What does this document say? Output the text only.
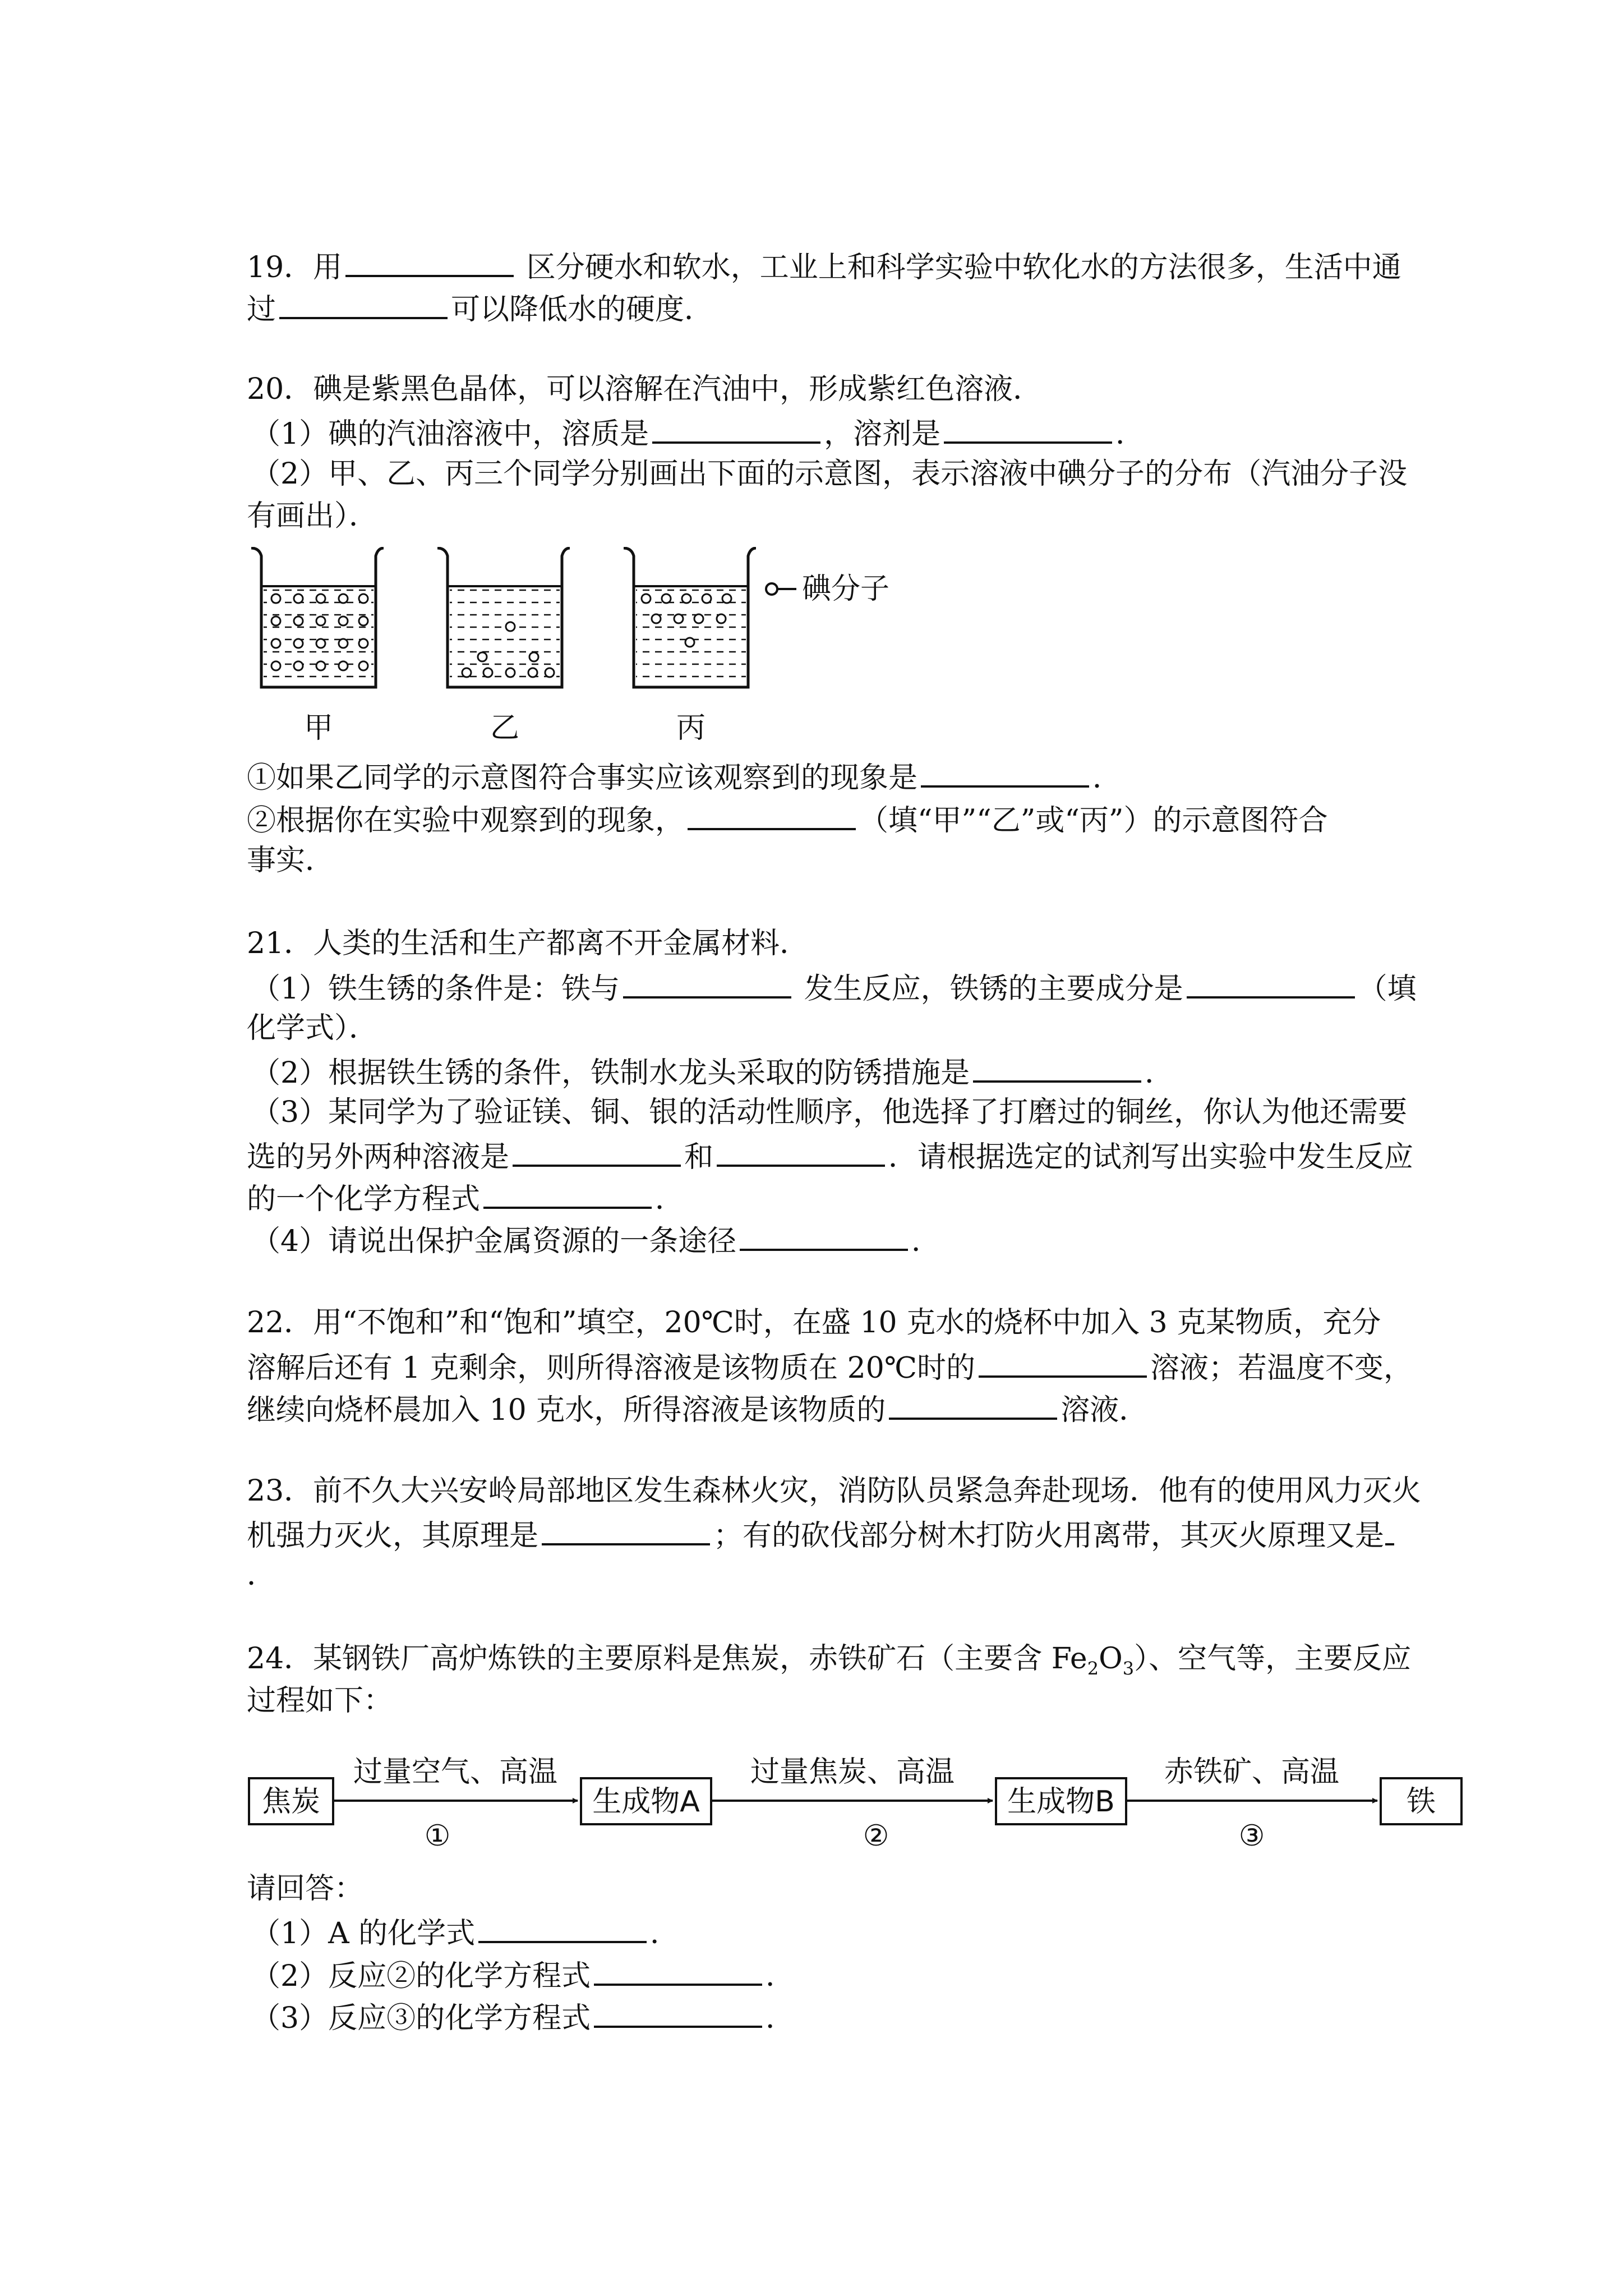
19．用	区分硬水和软水，工业上和科学实验中软化水的方法很多，生活中通
过	可以降低水的硬度．
20．碘是紫黑色晶体，可以溶解在汽油中，形成紫红色溶液．
（1）碘的汽油溶液中，溶质是	，溶剂是	．
（2）甲、乙、丙三个同学分别画出下面的示意图，表示溶液中碘分子的分布（汽油分子没
有画出）．
碘分子
甲	乙	丙
①如果乙同学的示意图符合事实应该观察到的现象是	．
②根据你在实验中观察到的现象，	（填“甲”“乙”或“丙”）的示意图符合
事实．
21．人类的生活和生产都离不开金属材料．
（1）铁生锈的条件是：铁与	发生反应，铁锈的主要成分是	（填
化学式）．
（2）根据铁生锈的条件，铁制水龙头采取的防锈措施是	．
（3）某同学为了验证镁、铜、银的活动性顺序，他选择了打磨过的铜丝，你认为他还需要
选的另外两种溶液是	和	．请根据选定的试剂写出实验中发生反应
的一个化学方程式	．
（4）请说出保护金属资源的一条途径	．
22．用“不饱和”和“饱和”填空，20℃时，在盛 10 克水的烧杯中加入 3 克某物质，充分
溶解后还有 1 克剩余，则所得溶液是该物质在 20℃时的	溶液；若温度不变，
继续向烧杯晨加入 10 克水，所得溶液是该物质的	溶液．
23．前不久大兴安岭局部地区发生森林火灾，消防队员紧急奔赴现场．他有的使用风力灭火
机强力灭火，其原理是	；有的砍伐部分树木打防火用离带，其灭火原理又是
．
24．某钢铁厂高炉炼铁的主要原料是焦炭，赤铁矿石（主要含 $Fe_2O_3$）、空气等，主要反应
过程如下：
焦炭	生成物A	生成物B	铁
过量空气、高温	过量焦炭、高温	赤铁矿、高温
①	②	③
请回答：
（1）A 的化学式	．
（2）反应②的化学方程式	．
（3）反应③的化学方程式	．
